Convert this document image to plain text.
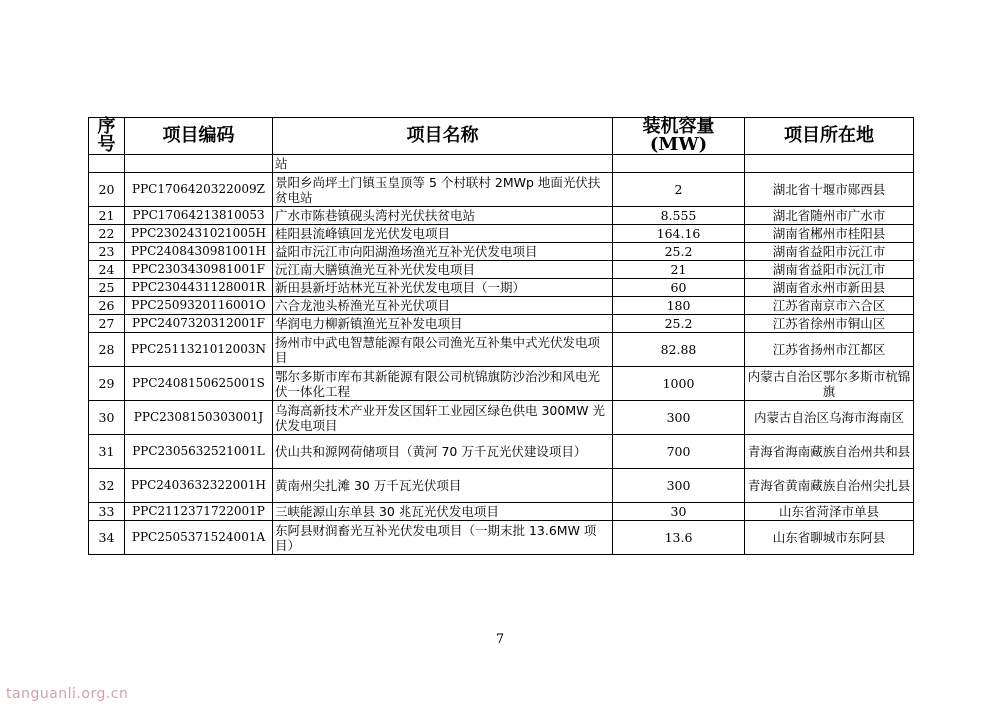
序号	项目编码	项目名称	装机容量(MW)	项目所在地
		站		
20	PPC1706420322009Z	景阳乡尚坪土门镇玉皇顶等 5 个村联村 2MWp 地面光伏扶贫电站	2	湖北省十堰市郧西县
21	PPC1706421381005З	广水市陈巷镇砚头湾村光伏扶贫电站	8.555	湖北省随州市广水市
22	PPC2302431021005H	桂阳县流峰镇回龙光伏发电项目	164.16	湖南省郴州市桂阳县
23	PPC2408430981001H	益阳市沅江市向阳湖渔场渔光互补光伏发电项目	25.2	湖南省益阳市沅江市
24	PPC2303430981001F	沅江南大膳镇渔光互补光伏发电项目	21	湖南省益阳市沅江市
25	PPC2304431128001R	新田县新圩站林光互补光伏发电项目（一期）	60	湖南省永州市新田县
26	PPC2509320116001O	六合龙池头桥渔光互补光伏项目	180	江苏省南京市六合区
27	PPC2407320312001F	华润电力柳新镇渔光互补发电项目	25.2	江苏省徐州市铜山区
28	PPC2511321012003N	扬州市中武电智慧能源有限公司渔光互补集中式光伏发电项目	82.88	江苏省扬州市江都区
29	PPC2408150625001S	鄂尔多斯市库布其新能源有限公司杭锦旗防沙治沙和风电光伏一体化工程	1000	内蒙古自治区鄂尔多斯市杭锦旗
30	PPC2308150303001J	乌海高新技术产业开发区国轩工业园区绿色供电 300MW 光伏发电项目	300	内蒙古自治区乌海市海南区
31	PPC2305632521001L	伏山共和源网荷储项目（黄河 70 万千瓦光伏建设项目）	700	青海省海南藏族自治州共和县
32	PPC2403632322001H	黄南州尖扎滩 30 万千瓦光伏项目	300	青海省黄南藏族自治州尖扎县
33	PPC2112371722001P	三峡能源山东单县 30 兆瓦光伏发电项目	30	山东省菏泽市单县
34	PPC2505371524001A	东阿县财润畜光互补光伏发电项目（一期末批 13.6MW 项目）	13.6	山东省聊城市东阿县
7
tanguanli.org.cn
